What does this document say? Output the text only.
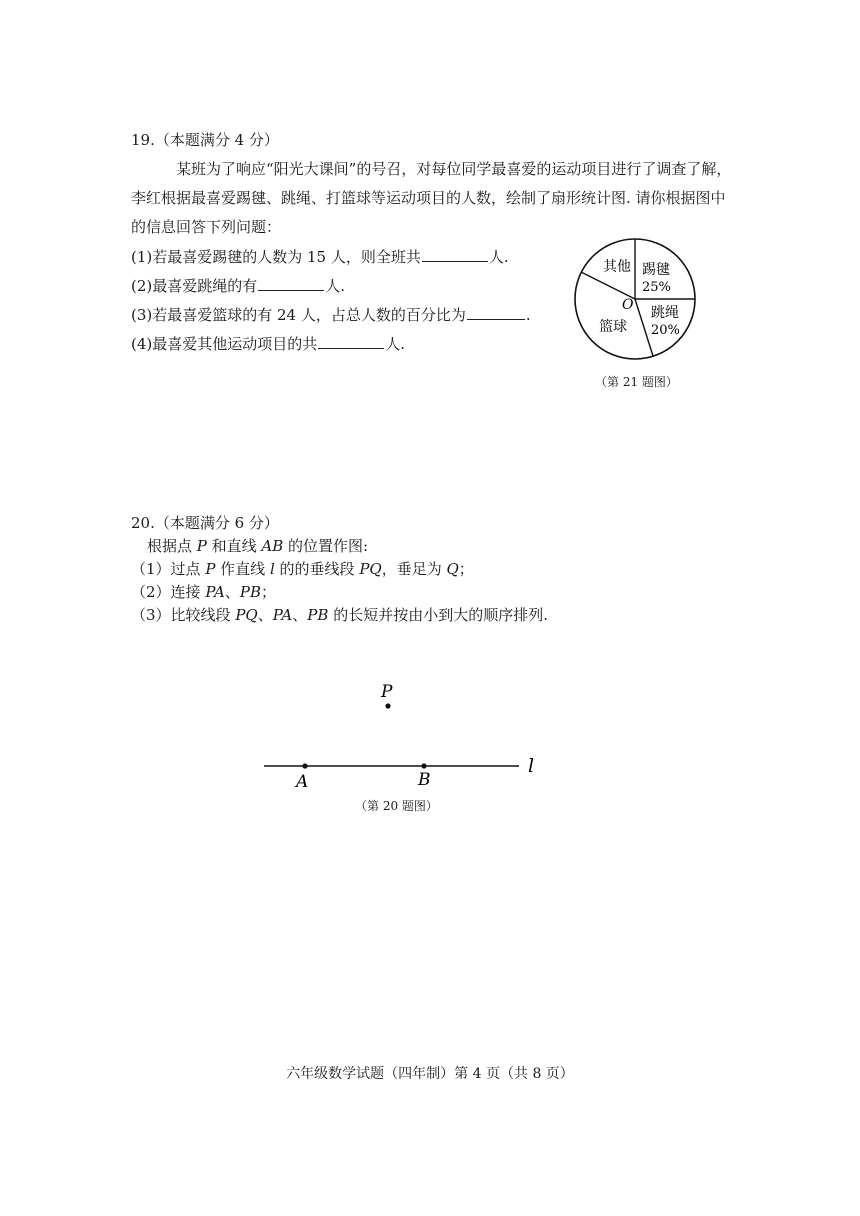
19.（本题满分 4 分）
某班为了响应“阳光大课间”的号召，对每位同学最喜爱的运动项目进行了调查了解，
李红根据最喜爱踢毽、跳绳、打篮球等运动项目的人数，绘制了扇形统计图. 请你根据图中
的信息回答下列问题：
(1)若最喜爱踢毽的人数为 15 人，则全班共	人.
(2)最喜爱跳绳的有	人.
(3)若最喜爱篮球的有 24 人，占总人数的百分比为	.
(4)最喜爱其他运动项目的共	人.
踢毽
25%
跳绳
20%
篮球
其他
O
（第 21 题图）
20.（本题满分 6 分）
根据点 P 和直线 AB 的位置作图:
（1）过点 P 作直线 l 的的垂线段 PQ，垂足为 Q；
（2）连接 PA、PB；
（3）比较线段 PQ、PA、PB 的长短并按由小到大的顺序排列.
P
A	B
l
（第 20 题图）
六年级数学试题（四年制）第 4 页（共 8 页）
